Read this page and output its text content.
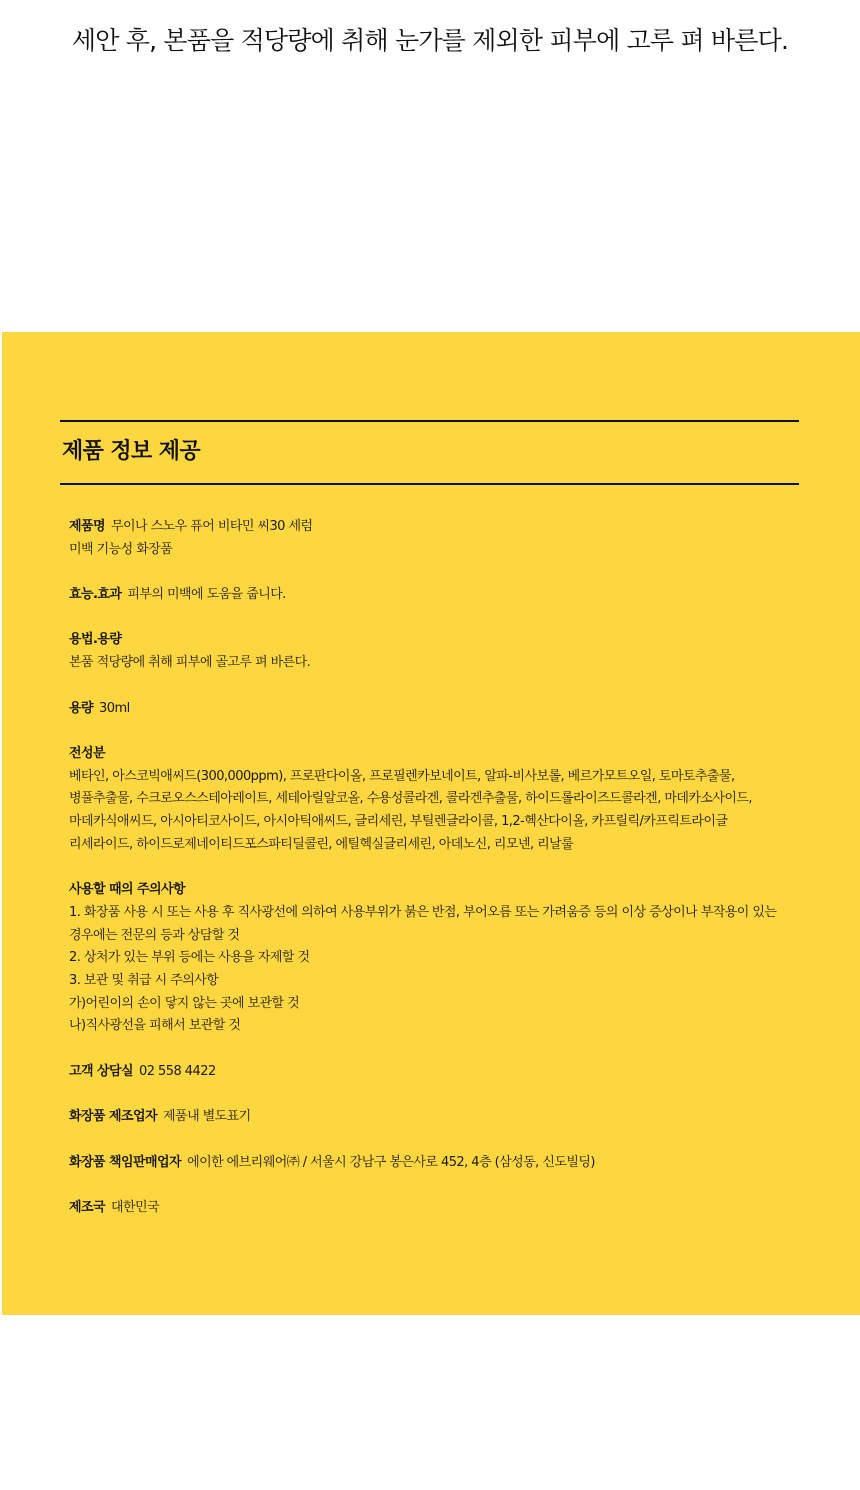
세안 후, 본품을 적당량에 취해 눈가를 제외한 피부에 고루 펴 바른다.
제품 정보 제공
제품명 무이나 스노우 퓨어 비타민 씨30 세럼
미백 기능성 화장품
효능.효과 피부의 미백에 도움을 줍니다.
용법.용량
본품 적당량에 취해 피부에 골고루 펴 바른다.
용량 30ml
전성분
베타인, 아스코빅애씨드(300,000ppm), 프로판다이올, 프로필렌카보네이트, 알파-비사보롤, 베르가모트오일, 토마토추출물,
병풀추출물, 수크로오스스테아레이트, 세테아릴알코올, 수용성콜라겐, 콜라겐추출물, 하이드롤라이즈드콜라겐, 마데카소사이드,
마데카식애씨드, 아시아티코사이드, 아시아틱애씨드, 글리세린, 부틸렌글라이콜, 1,2-헥산다이올, 카프릴릭/카프릭트라이글
리세라이드, 하이드로제네이티드포스파티딜콜린, 에틸헥실글리세린, 아데노신, 리모넨, 리날룰
사용할 때의 주의사항
1. 화장품 사용 시 또는 사용 후 직사광선에 의하여 사용부위가 붉은 반점, 부어오름 또는 가려움증 등의 이상 증상이나 부작용이 있는
경우에는 전문의 등과 상담할 것
2. 상처가 있는 부위 등에는 사용을 자제할 것
3. 보관 및 취급 시 주의사항
가)어린이의 손이 닿지 않는 곳에 보관할 것
나)직사광선을 피해서 보관할 것
고객 상담실 02 558 4422
화장품 제조업자 제품내 별도표기
화장품 책임판매업자 에이한 에브리웨어㈜ / 서울시 강남구 봉은사로 452, 4층 (삼성동, 신도빌딩)
제조국 대한민국
